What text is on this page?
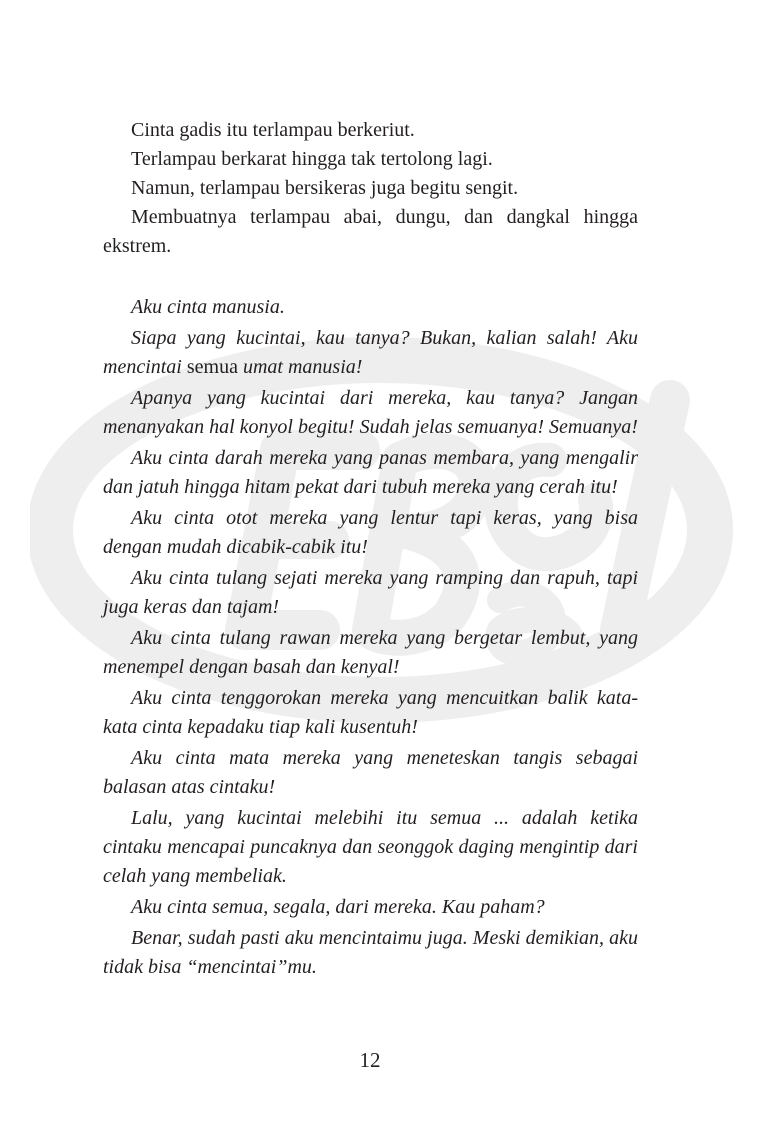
Cinta gadis itu terlampau berkeriut.

Terlampau berkarat hingga tak tertolong lagi.

Namun, terlampau bersikeras juga begitu sengit.

Membuatnya terlampau abai, dungu, dan dangkal hingga ekstrem.

Aku cinta manusia.

Siapa yang kucintai, kau tanya? Bukan, kalian salah! Aku mencintai semua umat manusia!

Apanya yang kucintai dari mereka, kau tanya? Jangan menanyakan hal konyol begitu! Sudah jelas semuanya! Semuanya!

Aku cinta darah mereka yang panas membara, yang mengalir dan jatuh hingga hitam pekat dari tubuh mereka yang cerah itu!

Aku cinta otot mereka yang lentur tapi keras, yang bisa dengan mudah dicabik-cabik itu!

Aku cinta tulang sejati mereka yang ramping dan rapuh, tapi juga keras dan tajam!

Aku cinta tulang rawan mereka yang bergetar lembut, yang menempel dengan basah dan kenyal!

Aku cinta tenggorokan mereka yang mencuitkan balik kata-kata cinta kepadaku tiap kali kusentuh!

Aku cinta mata mereka yang meneteskan tangis sebagai balasan atas cintaku!

Lalu, yang kucintai melebihi itu semua ... adalah ketika cintaku mencapai puncaknya dan seonggok daging mengintip dari celah yang membeliak.

Aku cinta semua, segala, dari mereka. Kau paham?

Benar, sudah pasti aku mencintaimu juga. Meski demikian, aku tidak bisa “mencintai”mu.

12
